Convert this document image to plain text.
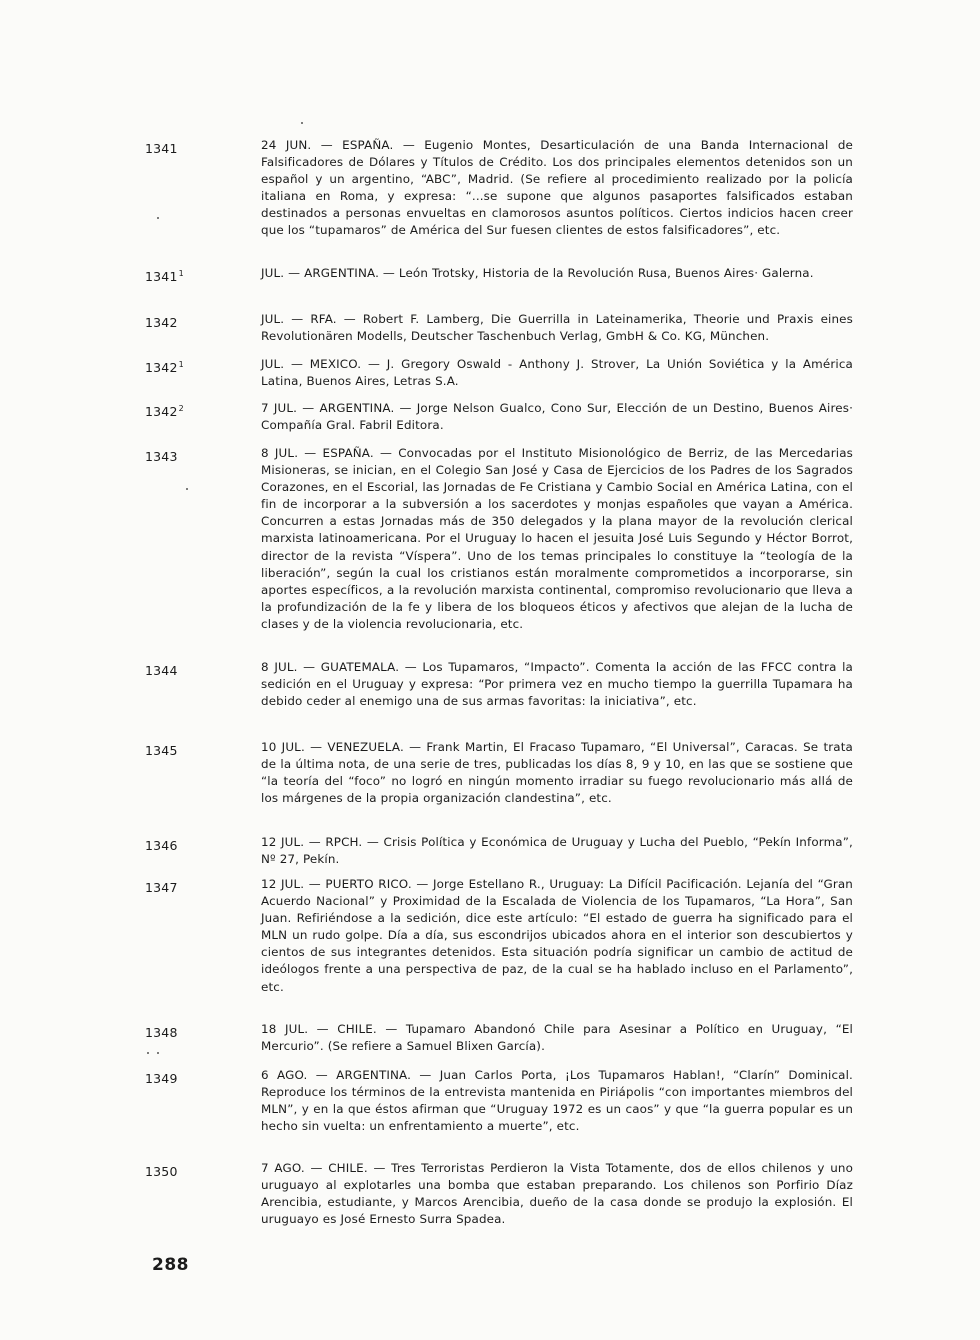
1341	24 JUN. — ESPAÑA. — Eugenio Montes, Desarticulación de una Banda Internacional de Falsificadores de Dólares y Títulos de Crédito. Los dos principales elementos detenidos son un español y un argentino, “ABC”, Madrid. (Se refiere al procedimiento realizado por la policía italiana en Roma, y expresa: “...se supone que algunos pasaportes falsificados estaban destinados a personas envueltas en clamorosos asuntos políticos. Ciertos indicios hacen creer que los “tupamaros” de América del Sur fuesen clientes de estos falsificadores”, etc.
1341$^1$	JUL. — ARGENTINA. — León Trotsky, Historia de la Revolución Rusa, Buenos Aires· Galerna.
1342	JUL. — RFA. — Robert F. Lamberg, Die Guerrilla in Lateinamerika, Theorie und Praxis eines Revolutionären Modells, Deutscher Taschenbuch Verlag, GmbH & Co. KG, München.
1342$^1$	JUL. — MEXICO. — J. Gregory Oswald - Anthony J. Strover, La Unión Soviética y la América Latina, Buenos Aires, Letras S.A.
1342$^2$	7 JUL. — ARGENTINA. — Jorge Nelson Gualco, Cono Sur, Elección de un Destino, Buenos Aires· Compañía Gral. Fabril Editora.
1343	8 JUL. — ESPAÑA. — Convocadas por el Instituto Misionológico de Berriz, de las Mercedarias Misioneras, se inician, en el Colegio San José y Casa de Ejercicios de los Padres de los Sagrados Corazones, en el Escorial, las Jornadas de Fe Cristiana y Cambio Social en América Latina, con el fin de incorporar a la subversión a los sacerdotes y monjas españoles que vayan a América. Concurren a estas Jornadas más de 350 delegados y la plana mayor de la revolución clerical marxista latinoamericana. Por el Uruguay lo hacen el jesuita José Luis Segundo y Héctor Borrot, director de la revista “Víspera”. Uno de los temas principales lo constituye la “teología de la liberación”, según la cual los cristianos están moralmente comprometidos a incorporarse, sin aportes específicos, a la revolución marxista continental, compromiso revolucionario que lleva a la profundización de la fe y libera de los bloqueos éticos y afectivos que alejan de la lucha de clases y de la violencia revolucionaria, etc.
1344	8 JUL. — GUATEMALA. — Los Tupamaros, “Impacto”. Comenta la acción de las FFCC contra la sedición en el Uruguay y expresa: “Por primera vez en mucho tiempo la guerrilla Tupamara ha debido ceder al enemigo una de sus armas favoritas: la iniciativa”, etc.
1345	10 JUL. — VENEZUELA. — Frank Martin, El Fracaso Tupamaro, “El Universal”, Caracas. Se trata de la última nota, de una serie de tres, publicadas los días 8, 9 y 10, en las que se sostiene que “la teoría del “foco” no logró en ningún momento irradiar su fuego revolucionario más allá de los márgenes de la propia organización clandestina”, etc.
1346	12 JUL. — RPCH. — Crisis Política y Económica de Uruguay y Lucha del Pueblo, “Pekín Informa”, Nº 27, Pekín.
1347	12 JUL. — PUERTO RICO. — Jorge Estellano R., Uruguay: La Difícil Pacificación. Lejanía del “Gran Acuerdo Nacional” y Proximidad de la Escalada de Violencia de los Tupamaros, “La Hora”, San Juan. Refiriéndose a la sedición, dice este artículo: “El estado de guerra ha significado para el MLN un rudo golpe. Día a día, sus escondrijos ubicados ahora en el interior son descubiertos y cientos de sus integrantes detenidos. Esta situación podría significar un cambio de actitud de ideólogos frente a una perspectiva de paz, de la cual se ha hablado incluso en el Parlamento”, etc.
1348	18 JUL. — CHILE. — Tupamaro Abandonó Chile para Asesinar a Político en Uruguay, “El Mercurio”. (Se refiere a Samuel Blixen García).
1349	6 AGO. — ARGENTINA. — Juan Carlos Porta, ¡Los Tupamaros Hablan!, “Clarín” Dominical. Reproduce los términos de la entrevista mantenida en Piriápolis “con importantes miembros del MLN”, y en la que éstos afirman que “Uruguay 1972 es un caos” y que “la guerra popular es un hecho sin vuelta: un enfrentamiento a muerte”, etc.
1350	7 AGO. — CHILE. — Tres Terroristas Perdieron la Vista Totamente, dos de ellos chilenos y uno uruguayo al explotarles una bomba que estaban preparando. Los chilenos son Porfirio Díaz Arencibia, estudiante, y Marcos Arencibia, dueño de la casa donde se produjo la explosión. El uruguayo es José Ernesto Surra Spadea.
288
